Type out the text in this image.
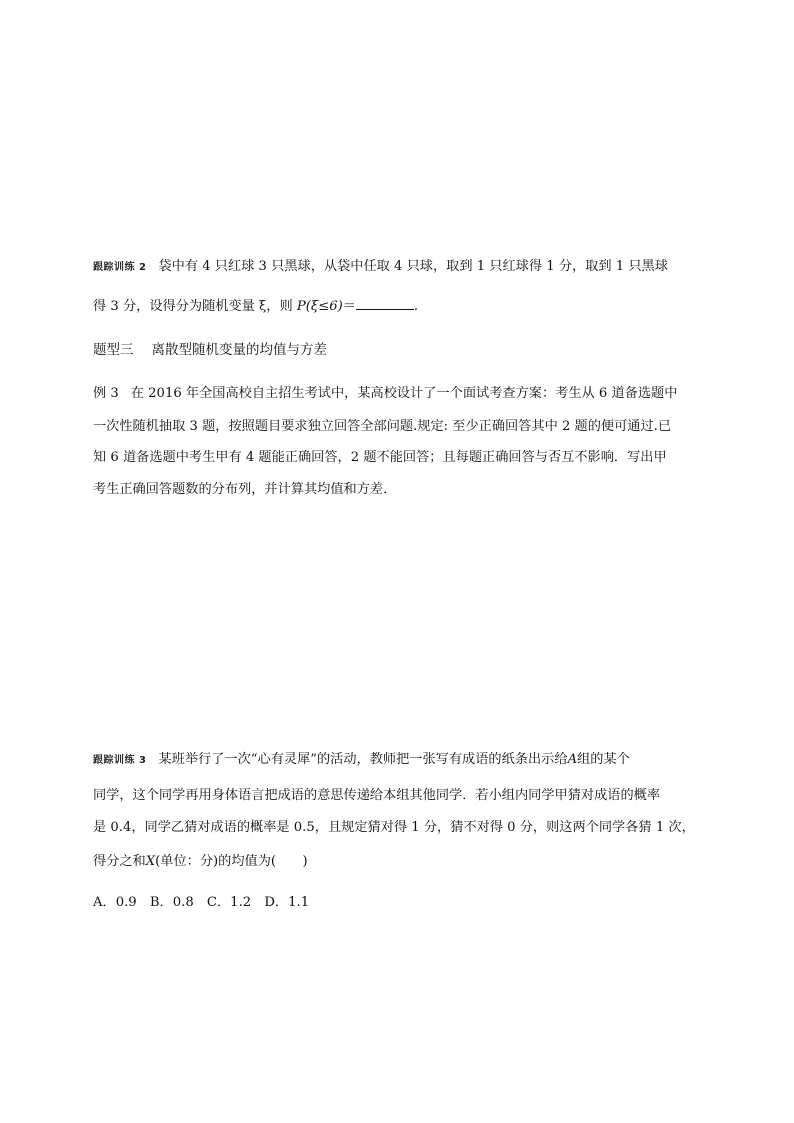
跟踪训练 2 袋中有 4 只红球 3 只黑球，从袋中任取 4 只球，取到 1 只红球得 1 分，取到 1 只黑球
得 3 分，设得分为随机变量 ξ，则 P(ξ≤6)＝	.
题型三 离散型随机变量的均值与方差
例 3 在 2016 年全国高校自主招生考试中，某高校设计了一个面试考查方案：考生从 6 道备选题中
一次性随机抽取 3 题，按照题目要求独立回答全部问题.规定: 至少正确回答其中 2 题的便可通过.已
知 6 道备选题中考生甲有 4 题能正确回答，2 题不能回答；且每题正确回答与否互不影响．写出甲
考生正确回答题数的分布列，并计算其均值和方差．
跟踪训练 3 某班举行了一次“心有灵犀”的活动，教师把一张写有成语的纸条出示给A组的某个
同学，这个同学再用身体语言把成语的意思传递给本组其他同学．若小组内同学甲猜对成语的概率
是 0.4，同学乙猜对成语的概率是 0.5，且规定猜对得 1 分，猜不对得 0 分，则这两个同学各猜 1 次，
得分之和X(单位：分)的均值为(　　)
A．0.9　B．0.8　C．1.2　D．1.1
